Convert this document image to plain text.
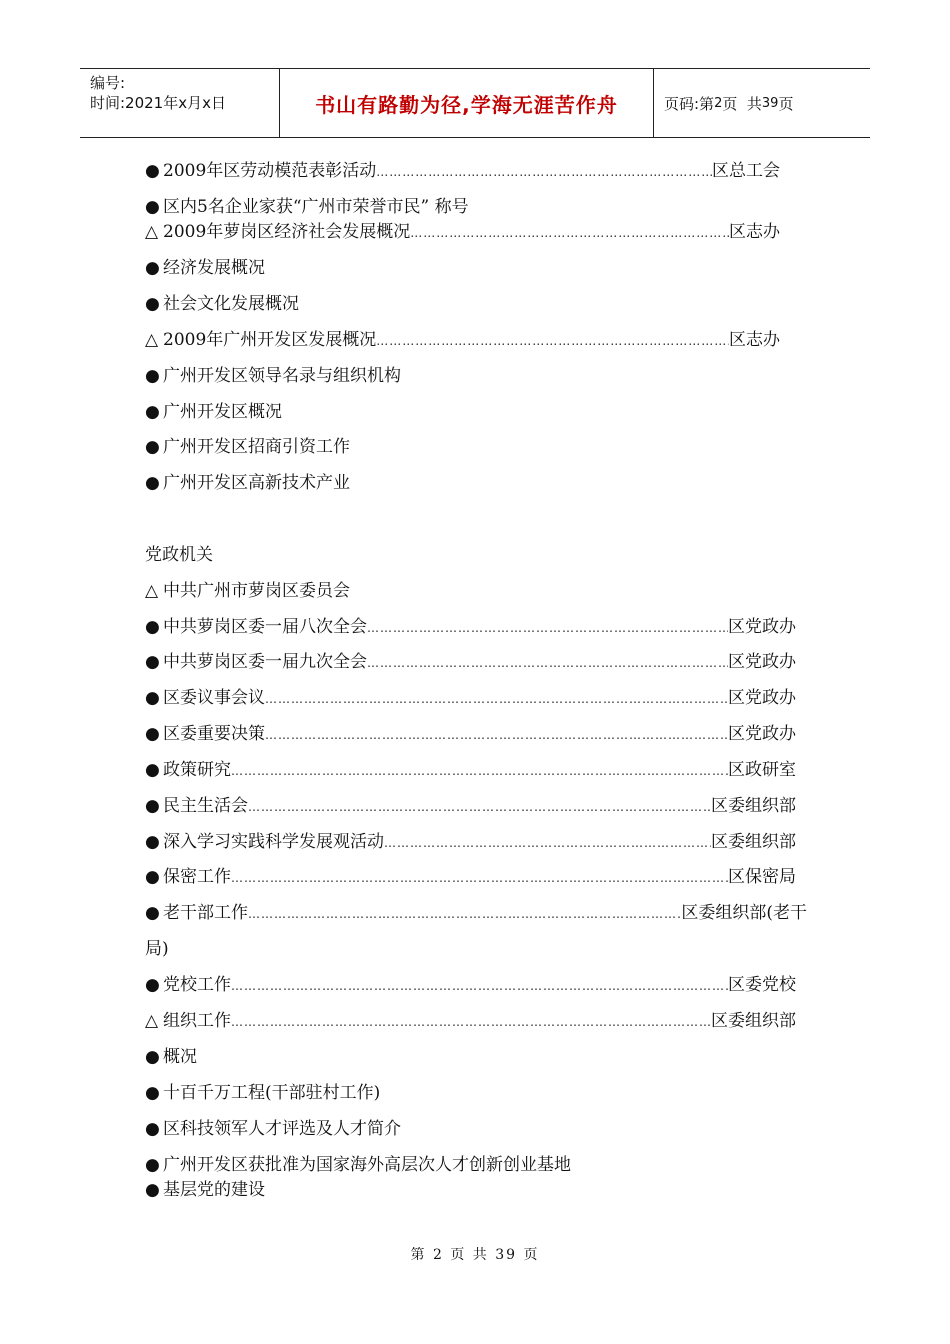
编号:
时间:2021年x月x日	书山有路勤为径,学海无涯苦作舟	页码:第 2 页  共 39 页
● 2009年区劳动模范表彰活动 ……………………………………………………………………………………………………………………………………………………………………………	区总工会
● 区内5名企业家获“广州市荣誉市民” 称号
△ 2009年萝岗区经济社会发展概况 ……………………………………………………………………………………………………………………………………………………………………………	区志办
● 经济发展概况
● 社会文化发展概况
△ 2009年广州开发区发展概况 ……………………………………………………………………………………………………………………………………………………………………………	区志办
● 广州开发区领导名录与组织机构
● 广州开发区概况
● 广州开发区招商引资工作
● 广州开发区高新技术产业
党政机关
△ 中共广州市萝岗区委员会
● 中共萝岗区委一届八次全会 ……………………………………………………………………………………………………………………………………………………………………………	区党政办
● 中共萝岗区委一届九次全会 ……………………………………………………………………………………………………………………………………………………………………………	区党政办
● 区委议事会议 ……………………………………………………………………………………………………………………………………………………………………………	区党政办
● 区委重要决策 ……………………………………………………………………………………………………………………………………………………………………………	区党政办
● 政策研究 ……………………………………………………………………………………………………………………………………………………………………………	区政研室
● 民主生活会 ……………………………………………………………………………………………………………………………………………………………………………	区委组织部
● 深入学习实践科学发展观活动 ……………………………………………………………………………………………………………………………………………………………………………	区委组织部
● 保密工作 ……………………………………………………………………………………………………………………………………………………………………………	区保密局
● 老干部工作 ……………………………………………………………………………………………………………………………………………………………………………	区委组织部(老干
局)
● 党校工作 ……………………………………………………………………………………………………………………………………………………………………………	区委党校
△ 组织工作 ……………………………………………………………………………………………………………………………………………………………………………	区委组织部
● 概况
● 十百千万工程(干部驻村工作)
● 区科技领军人才评选及人才简介
● 广州开发区获批准为国家海外高层次人才创新创业基地
● 基层党的建设
第 2 页 共 39 页
